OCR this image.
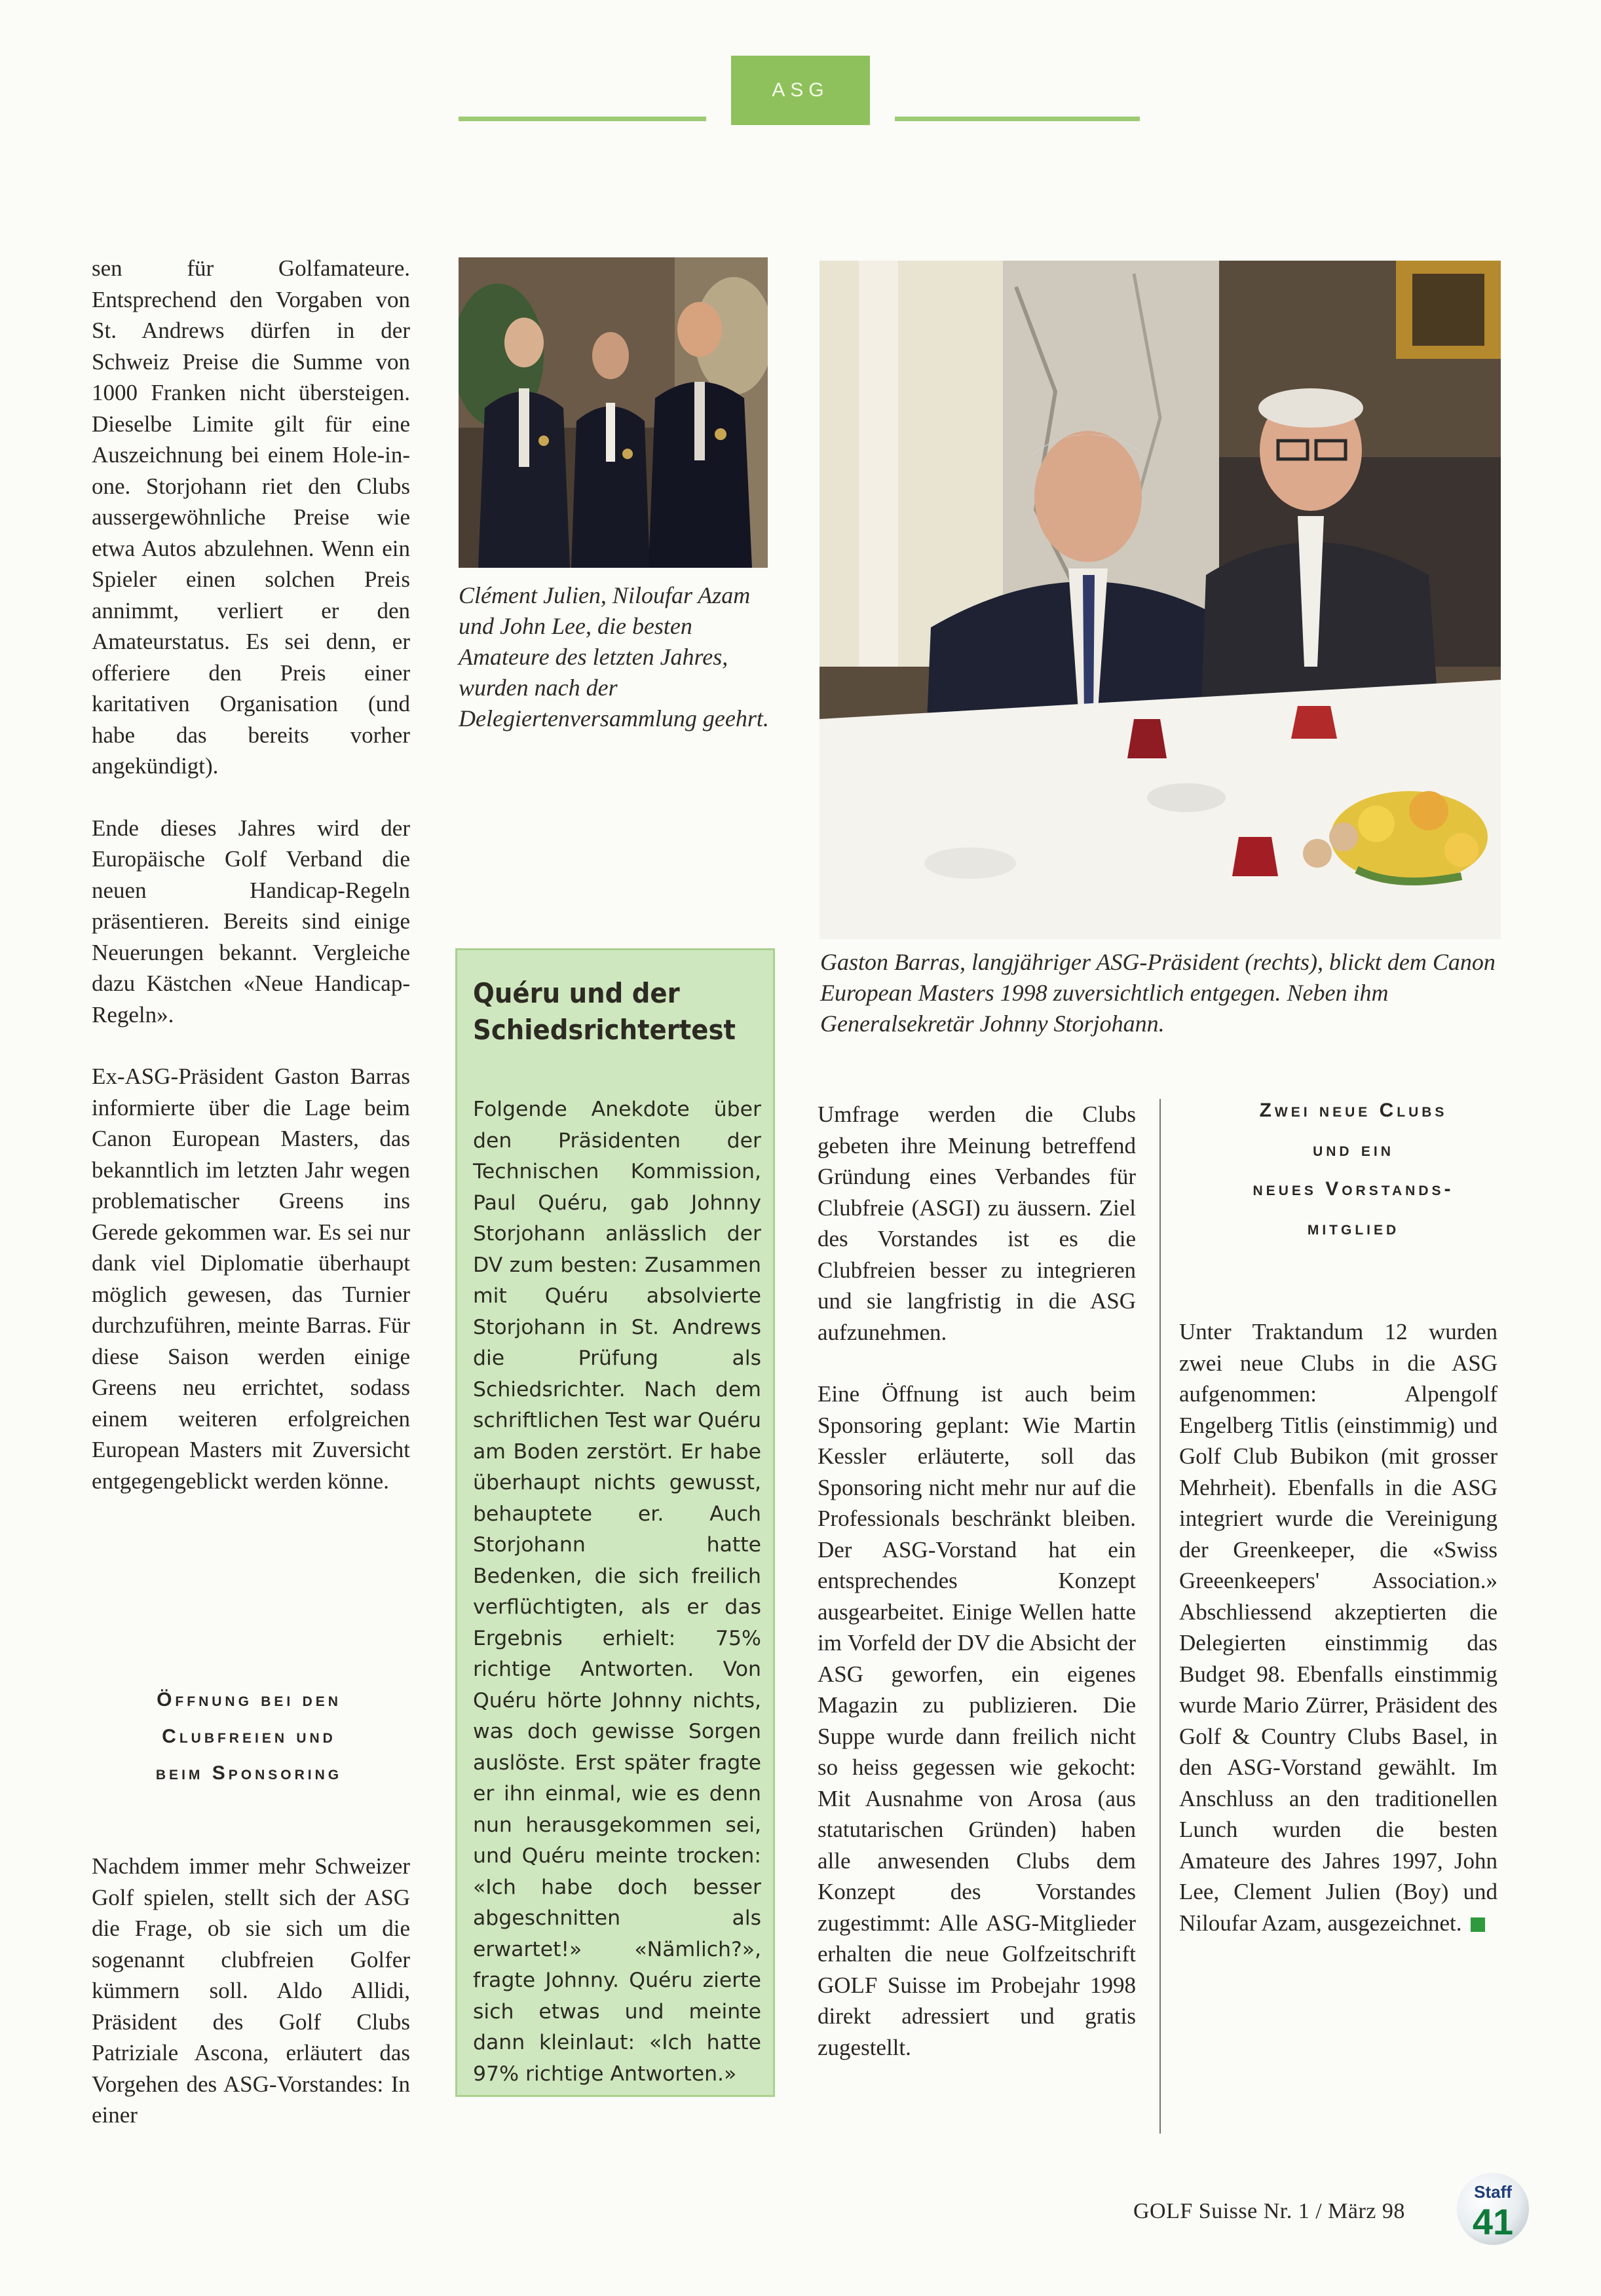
ASG

sen für Golfamateure. Entsprechend den Vorgaben von St. Andrews dürfen in der Schweiz Preise die Summe von 1000 Franken nicht übersteigen. Dieselbe Limite gilt für eine Auszeichnung bei einem Hole-in-one. Storjohann riet den Clubs aussergewöhnliche Preise wie etwa Autos abzulehnen. Wenn ein Spieler einen solchen Preis annimmt, verliert er den Amateurstatus. Es sei denn, er offeriere den Preis einer karitativen Organisation (und habe das bereits vorher angekündigt).

Ende dieses Jahres wird der Europäische Golf Verband die neuen Handicap-Regeln präsentieren. Bereits sind einige Neuerungen bekannt. Vergleiche dazu Kästchen «Neue Handicap-Regeln».

Ex-ASG-Präsident Gaston Barras informierte über die Lage beim Canon European Masters, das bekanntlich im letzten Jahr wegen problematischer Greens ins Gerede gekommen war. Es sei nur dank viel Diplomatie überhaupt möglich gewesen, das Turnier durchzuführen, meinte Barras. Für diese Saison werden einige Greens neu errichtet, sodass einem weiteren erfolgreichen European Masters mit Zuversicht entgegengeblickt werden könne.

Öffnung bei den
Clubfreien und
beim Sponsoring

Nachdem immer mehr Schweizer Golf spielen, stellt sich der ASG die Frage, ob sie sich um die sogenannt clubfreien Golfer kümmern soll. Aldo Allidi, Präsident des Golf Clubs Patriziale Ascona, erläutert das Vorgehen des ASG-Vorstandes: In einer

Clément Julien, Niloufar Azam und John Lee, die besten Amateure des letzten Jahres, wurden nach der Delegiertenversammlung geehrt.
Gaston Barras, langjähriger ASG-Präsident (rechts), blickt dem Canon European Masters 1998 zuversichtlich entgegen. Neben ihm Generalsekretär Johnny Storjohann.
Quéru und der Schiedsrichtertest
Folgende Anekdote über den Präsidenten der Technischen Kommission, Paul Quéru, gab Johnny Storjohann anlässlich der DV zum besten: Zusammen mit Quéru absolvierte Storjohann in St. Andrews die Prüfung als Schiedsrichter. Nach dem schriftlichen Test war Quéru am Boden zerstört. Er habe überhaupt nichts gewusst, behauptete er. Auch Storjohann hatte Bedenken, die sich freilich verflüchtigten, als er das Ergebnis erhielt: 75% richtige Antworten. Von Quéru hörte Johnny nichts, was doch gewisse Sorgen auslöste. Erst später fragte er ihn einmal, wie es denn nun herausgekommen sei, und Quéru meinte trocken: «Ich habe doch besser abgeschnitten als erwartet!» «Nämlich?», fragte Johnny. Quéru zierte sich etwas und meinte dann kleinlaut: «Ich hatte 97% richtige Antworten.»

Umfrage werden die Clubs gebeten ihre Meinung betreffend Gründung eines Verbandes für Clubfreie (ASGI) zu äussern. Ziel des Vorstandes ist es die Clubfreien besser zu integrieren und sie langfristig in die ASG aufzunehmen.

Eine Öffnung ist auch beim Sponsoring geplant: Wie Martin Kessler erläuterte, soll das Sponsoring nicht mehr nur auf die Professionals beschränkt bleiben. Der ASG-Vorstand hat ein entsprechendes Konzept ausgearbeitet. Einige Wellen hatte im Vorfeld der DV die Absicht der ASG geworfen, ein eigenes Magazin zu publizieren. Die Suppe wurde dann freilich nicht so heiss gegessen wie gekocht: Mit Ausnahme von Arosa (aus statutarischen Gründen) haben alle anwesenden Clubs dem Konzept des Vorstandes zugestimmt: Alle ASG-Mitglieder erhalten die neue Golfzeitschrift GOLF Suisse im Probejahr 1998 direkt adressiert und gratis zugestellt.

Zwei neue Clubs
und ein
neues Vorstands-
mitglied

Unter Traktandum 12 wurden zwei neue Clubs in die ASG aufgenommen: Alpengolf Engelberg Titlis (einstimmig) und Golf Club Bubikon (mit grosser Mehrheit). Ebenfalls in die ASG integriert wurde die Vereinigung der Greenkeeper, die «Swiss Greeenkeepers' Association.» Abschliessend akzeptierten die Delegierten einstimmig das Budget 98. Ebenfalls einstimmig wurde Mario Zürrer, Präsident des Golf & Country Clubs Basel, in den ASG-Vorstand gewählt. Im Anschluss an den traditionellen Lunch wurden die besten Amateure des Jahres 1997, John Lee, Clement Julien (Boy) und Niloufar Azam, ausgezeichnet.

GOLF Suisse Nr. 1 / März 98
Staff
41
